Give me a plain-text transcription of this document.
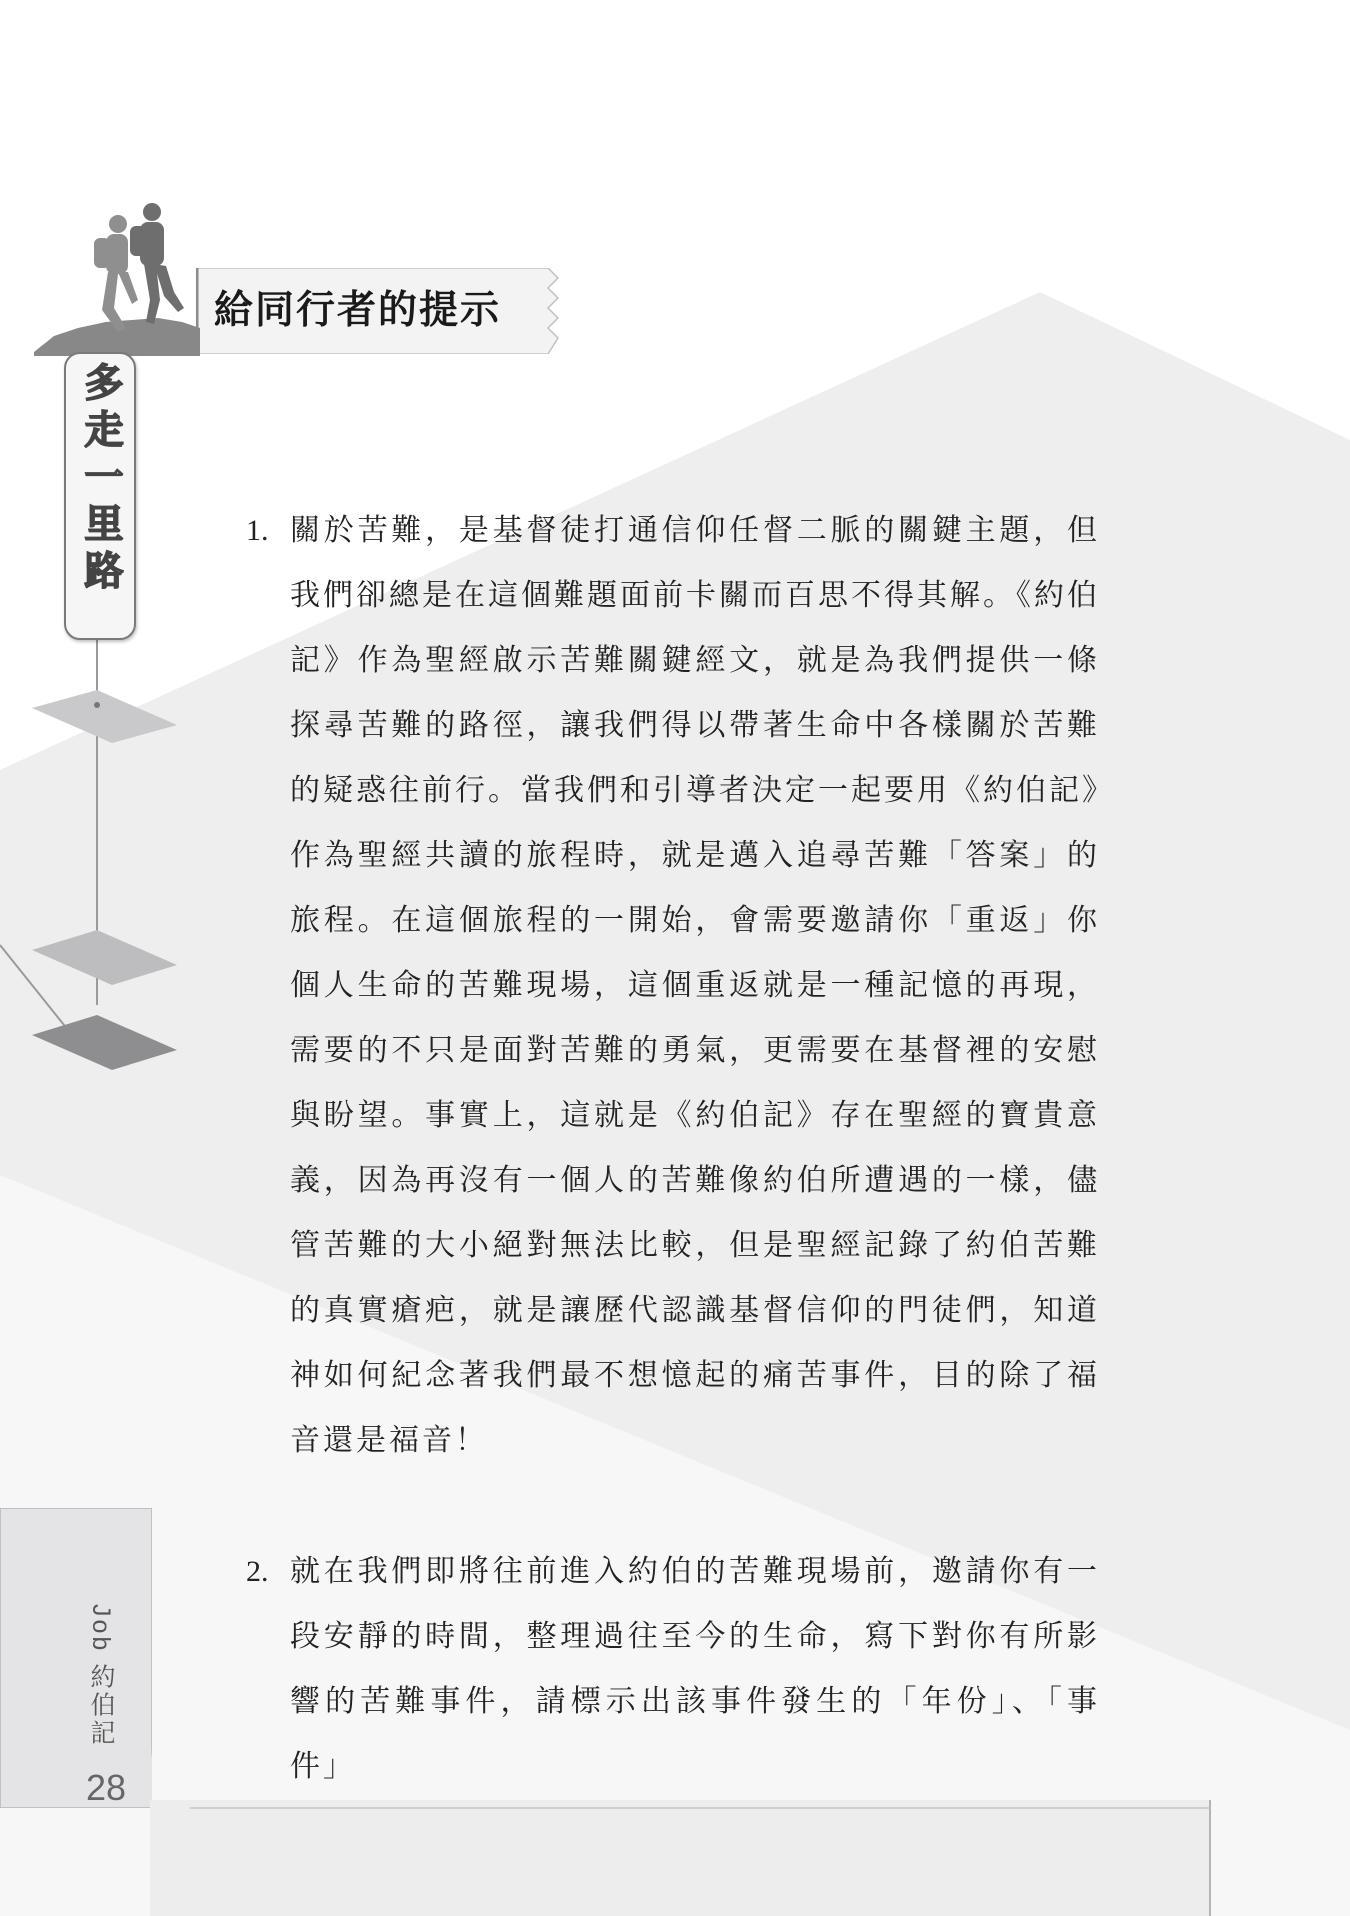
給同行者的提示
多走一里路	1. 關於苦難，是基督徒打通信仰任督二脈的關鍵主題，但我們卻總是在這個難題面前卡關而百思不得其解。《約伯記》作為聖經啟示苦難關鍵經文，就是為我們提供一條探尋苦難的路徑，讓我們得以帶著生命中各樣關於苦難的疑惑往前行。當我們和引導者決定一起要用《約伯記》作為聖經共讀的旅程時，就是邁入追尋苦難「答案」的旅程。在這個旅程的一開始，會需要邀請你「重返」你個人生命的苦難現場，這個重返就是一種記憶的再現，需要的不只是面對苦難的勇氣，更需要在基督裡的安慰與盼望。事實上，這就是《約伯記》存在聖經的寶貴意義，因為再沒有一個人的苦難像約伯所遭遇的一樣，儘管苦難的大小絕對無法比較，但是聖經記錄了約伯苦難的真實瘡疤，就是讓歷代認識基督信仰的門徒們，知道神如何紀念著我們最不想憶起的痛苦事件，目的除了福音還是福音！
2. 就在我們即將往前進入約伯的苦難現場前，邀請你有一段安靜的時間，整理過往至今的生命，寫下對你有所影響的苦難事件，請標示出該事件發生的「年份」、「事件」
Job 約伯記
28
